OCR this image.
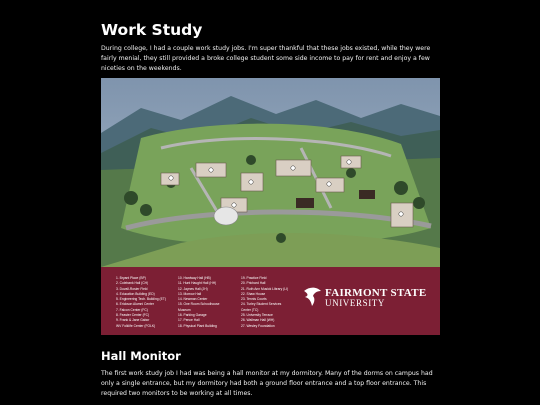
Work Study

During college, I had a couple work study jobs. I'm super thankful that these jobs existed, while they were fairly menial, they still provided a broke college student some side income to pay for rent and enjoy a few niceties on the weekends.

1. Bryant Place (BP)
2. Colebank Hall (CH)
3. Duvall-Rosier Field
4. Education Building (ED)
5. Engineering Tech. Building (ET)
6. Erickson Alumni Center
7. Falcon Center (FC)
8. Feaster Center (FC)
9. Frank & Jane Gabor
WV Folklife Center (FOLK)
10. Hardway Hall (HB)
11. Hunt Haught Hall (HH)
12. Jaynes Hall (JH)
13. Morrow Hall
14. Newman Center
15. One Room Schoolhouse
Museum
16. Parking Garage
17. Pence Hall
18. Physical Plant Building
19. Practice Field
20. Prichard Hall
21. Ruth Ann Musick Library (LI)
22. Shaw House
23. Tennis Courts
24. Turley Student Services
Center (TC)
25. University Terrace
26. Wallman Hall (WH)
27. Wesley Foundation
FAIRMONT STATE
UNIVERSITY
Hall Monitor

The first work study job I had was being a hall monitor at my dormitory. Many of the dorms on campus had only a single entrance, but my dormitory had both a ground floor entrance and a top floor entrance. This required two monitors to be working at all times.
